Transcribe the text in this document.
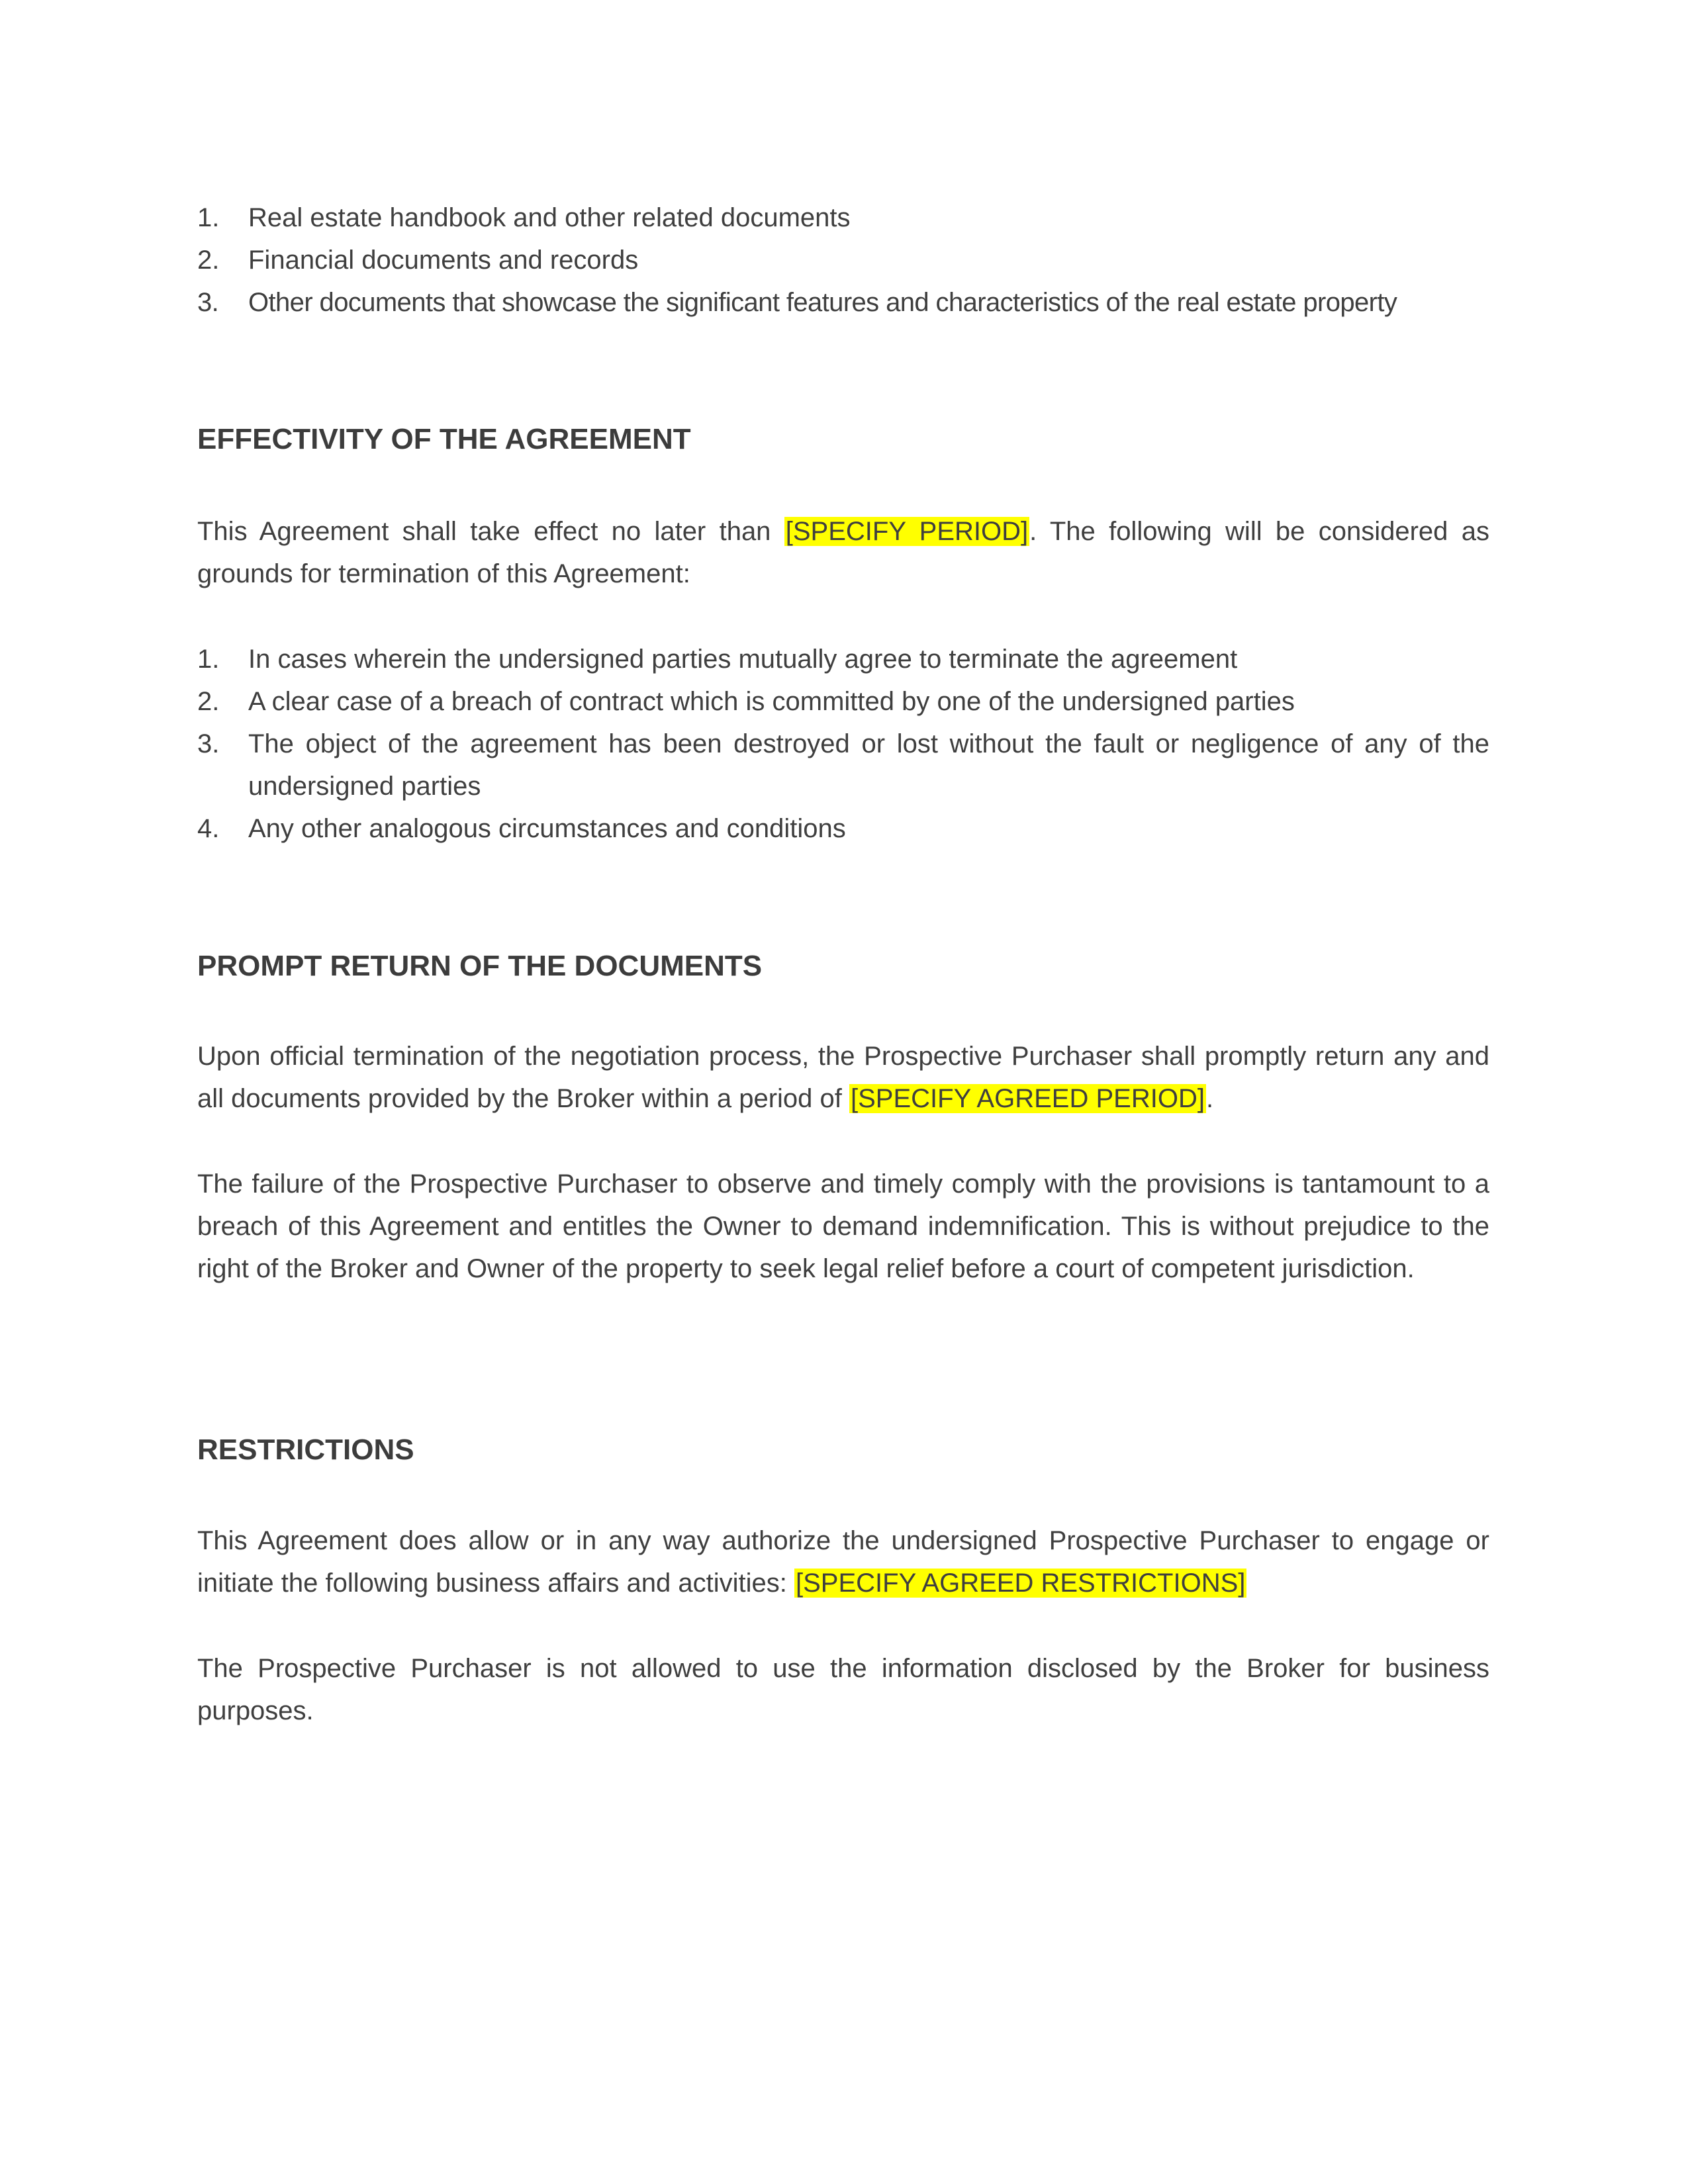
1. Real estate handbook and other related documents
2. Financial documents and records
3. Other documents that showcase the significant features and characteristics of the real estate property
EFFECTIVITY OF THE AGREEMENT
This Agreement shall take effect no later than [SPECIFY PERIOD]. The following will be considered as grounds for termination of this Agreement:
1. In cases wherein the undersigned parties mutually agree to terminate the agreement
2. A clear case of a breach of contract which is committed by one of the undersigned parties
3. The object of the agreement has been destroyed or lost without the fault or negligence of any of the undersigned parties
4. Any other analogous circumstances and conditions
PROMPT RETURN OF THE DOCUMENTS
Upon official termination of the negotiation process, the Prospective Purchaser shall promptly return any and all documents provided by the Broker within a period of [SPECIFY AGREED PERIOD].
The failure of the Prospective Purchaser to observe and timely comply with the provisions is tantamount to a breach of this Agreement and entitles the Owner to demand indemnification. This is without prejudice to the right of the Broker and Owner of the property to seek legal relief before a court of competent jurisdiction.
RESTRICTIONS
This Agreement does allow or in any way authorize the undersigned Prospective Purchaser to engage or initiate the following business affairs and activities: [SPECIFY AGREED RESTRICTIONS]
The Prospective Purchaser is not allowed to use the information disclosed by the Broker for business purposes.
